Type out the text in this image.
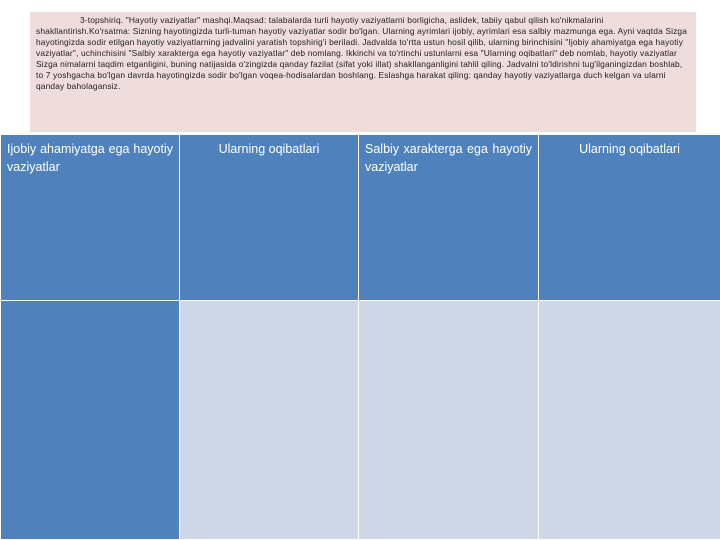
3-topshiriq. "Hayotiy vaziyatlar" mashqi.Maqsad: talabalarda turli hayotiy vaziyatlarni borligicha, aslidek, tabiiy qabul qilish ko'nikmalarini shakllantirish.Ko'rsatma: Sizning hayotingizda turli-tuman hayotiy vaziyatlar sodir bo'lgan. Ularning ayrimlari ijobiy, ayrimlari esa salbiy mazmunga ega. Ayni vaqtda Sizga hayotingizda sodir etilgan hayotiy vaziyatlarning jadvalini yaratish topshirig'i beriladi. Jadvalda to'rtta ustun hosil qilib, ularning birinchisini "Ijobiy ahamiyatga ega hayotiy vaziyatlar", uchinchisini "Salbiy xarakterga ega hayotiy vaziyatlar" deb nomlang. Ikkinchi va to'rtinchi ustunlarni esa "Ularning oqibatlari" deb nomlab, hayotiy vaziyatlar Sizga nimalarni taqdim etganligini, buning natijasida o'zingizda qanday fazilat (sifat yoki illat) shakllanganligini tahlil qiling. Jadvalni to'ldirishni tug'ilganingizdan boshlab, to 7 yoshgacha bo'lgan davrda hayotingizda sodir bo'lgan voqea-hodisalardan boshlang. Eslashga harakat qiling: qanday hayotiy vaziyatlarga duch kelgan va ularni qanday baholagansiz.

Ijobiy ahamiyatga ega hayotiy vaziyatlar	Ularning oqibatlari	Salbiy xarakterga ega hayotiy vaziyatlar	Ularning oqibatlari
